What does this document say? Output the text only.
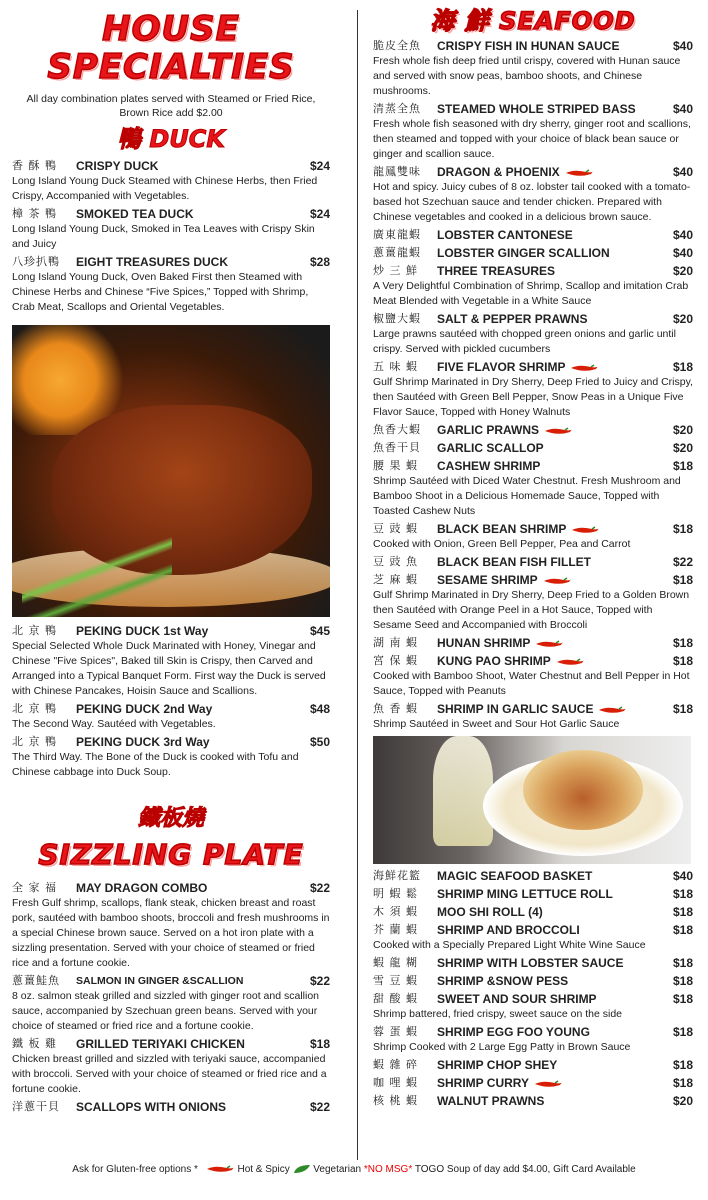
HOUSE
SPECIALTIES
All day combination plates served with Steamed or Fried Rice, Brown Rice add $2.00
鴨 DUCK
香 酥 鴨	CRISPY DUCK	$24
Long Island Young Duck Steamed with Chinese Herbs, then Fried Crispy, Accompanied with Vegetables.
樟 茶 鴨	SMOKED TEA DUCK	$24
Long Island Young Duck, Smoked in Tea Leaves with Crispy Skin and Juicy
八珍扒鴨	EIGHT TREASURES DUCK	$28
Long Island Young Duck, Oven Baked First then Steamed with Chinese Herbs and Chinese “Five Spices,” Topped with Shrimp, Crab Meat, Scallops and Oriental Vegetables.
北 京 鴨	PEKING DUCK 1st Way	$45
Special Selected Whole Duck Marinated with Honey, Vinegar and Chinese "Five Spices", Baked till Skin is Crispy, then Carved and Arranged into a Typical Banquet Form. First way the Duck is served with Chinese Pancakes, Hoisin Sauce and Scallions.
北 京 鴨	PEKING DUCK 2nd Way	$48
The Second Way. Sautéed with Vegetables.
北 京 鴨	PEKING DUCK 3rd Way	$50
The Third Way. The Bone of the Duck is cooked with Tofu and Chinese cabbage into Duck Soup.
鐵板燒
SIZZLING PLATE
全 家 福	MAY DRAGON COMBO	$22
Fresh Gulf shrimp, scallops, flank steak, chicken breast and roast pork, sautéed with bamboo shoots, broccoli and fresh mushrooms in a special Chinese brown sauce. Served on a hot iron plate with a sizzling presentation. Served with your choice of steamed or fried rice and a fortune cookie.
蔥薑鮭魚	SALMON IN GINGER &SCALLION	$22
8 oz. salmon steak grilled and sizzled with ginger root and scallion sauce, accompanied by Szechuan green beans. Served with your choice of steamed or fried rice and a fortune cookie.
鐵 板 雞	GRILLED TERIYAKI CHICKEN	$18
Chicken breast grilled and sizzled with teriyaki sauce, accompanied with broccoli. Served with your choice of steamed or fried rice and a fortune cookie.
洋蔥干貝	SCALLOPS WITH ONIONS	$22
海 鮮 SEAFOOD
脆皮全魚	CRISPY FISH IN HUNAN SAUCE	$40
Fresh whole fish deep fried until crispy, covered with Hunan sauce and served with snow peas, bamboo shoots, and Chinese mushrooms.
清蒸全魚	STEAMED WHOLE STRIPED BASS	$40
Fresh whole fish seasoned with dry sherry, ginger root and scallions, then steamed and topped with your choice of black bean sauce or ginger and scallion sauce.
龍鳳雙味	DRAGON & PHOENIX	$40
Hot and spicy. Juicy cubes of 8 oz. lobster tail cooked with a tomato-based hot Szechuan sauce and tender chicken. Prepared with Chinese vegetables and cooked in a delicious brown sauce.
廣東龍蝦	LOBSTER CANTONESE	$40
蔥薑龍蝦	LOBSTER GINGER SCALLION	$40
炒 三 鮮	THREE TREASURES	$20
A Very Delightful Combination of Shrimp, Scallop and imitation Crab Meat Blended with Vegetable in a White Sauce
椒鹽大蝦	SALT & PEPPER PRAWNS	$20
Large prawns sautéed with chopped green onions and garlic until crispy. Served with pickled cucumbers
五 味 蝦	FIVE FLAVOR SHRIMP	$18
Gulf Shrimp Marinated in Dry Sherry, Deep Fried to Juicy and Crispy, then Sautéed with Green Bell Pepper, Snow Peas in a Unique Five Flavor Sauce, Topped with Honey Walnuts
魚香大蝦	GARLIC PRAWNS	$20
魚香干貝	GARLIC SCALLOP	$20
腰 果 蝦	CASHEW SHRIMP	$18
Shrimp Sautéed with Diced Water Chestnut. Fresh Mushroom and Bamboo Shoot in a Delicious Homemade Sauce, Topped with Toasted Cashew Nuts
豆 豉 蝦	BLACK BEAN SHRIMP	$18
Cooked with Onion, Green Bell Pepper, Pea and Carrot
豆 豉 魚	BLACK BEAN FISH FILLET	$22
芝 麻 蝦	SESAME SHRIMP	$18
Gulf Shrimp Marinated in Dry Sherry, Deep Fried to a Golden Brown then Sautéed with Orange Peel in a Hot Sauce, Topped with Sesame Seed and Accompanied with Broccoli
湖 南 蝦	HUNAN SHRIMP	$18
宮 保 蝦	KUNG PAO SHRIMP	$18
Cooked with Bamboo Shoot, Water Chestnut and Bell Pepper in Hot Sauce, Topped with Peanuts
魚 香 蝦	SHRIMP IN GARLIC SAUCE	$18
Shrimp Sautéed in Sweet and Sour Hot Garlic Sauce
海鮮花籃	MAGIC SEAFOOD BASKET	$40
明 蝦 鬆	SHRIMP MING LETTUCE ROLL	$18
木 須 蝦	MOO SHI ROLL (4)	$18
芥 蘭 蝦	SHRIMP AND BROCCOLI	$18
Cooked with a Specially Prepared Light White Wine Sauce
蝦 龍 糊	SHRIMP WITH LOBSTER SAUCE	$18
雪 豆 蝦	SHRIMP &SNOW PESS	$18
甜 酸 蝦	SWEET AND SOUR SHRIMP	$18
Shrimp battered, fried crispy, sweet sauce on the side
蓉 蛋 蝦	SHRIMP EGG FOO YOUNG	$18
Shrimp Cooked with 2 Large Egg Patty in Brown Sauce
蝦 雜 碎	SHRIMP CHOP SHEY	$18
咖 哩 蝦	SHRIMP CURRY	$18
核 桃 蝦	WALNUT PRAWNS	$20
Ask for Gluten-free options *	Hot & Spicy Vegetarian *NO MSG* TOGO Soup of day add $4.00, Gift Card Available
